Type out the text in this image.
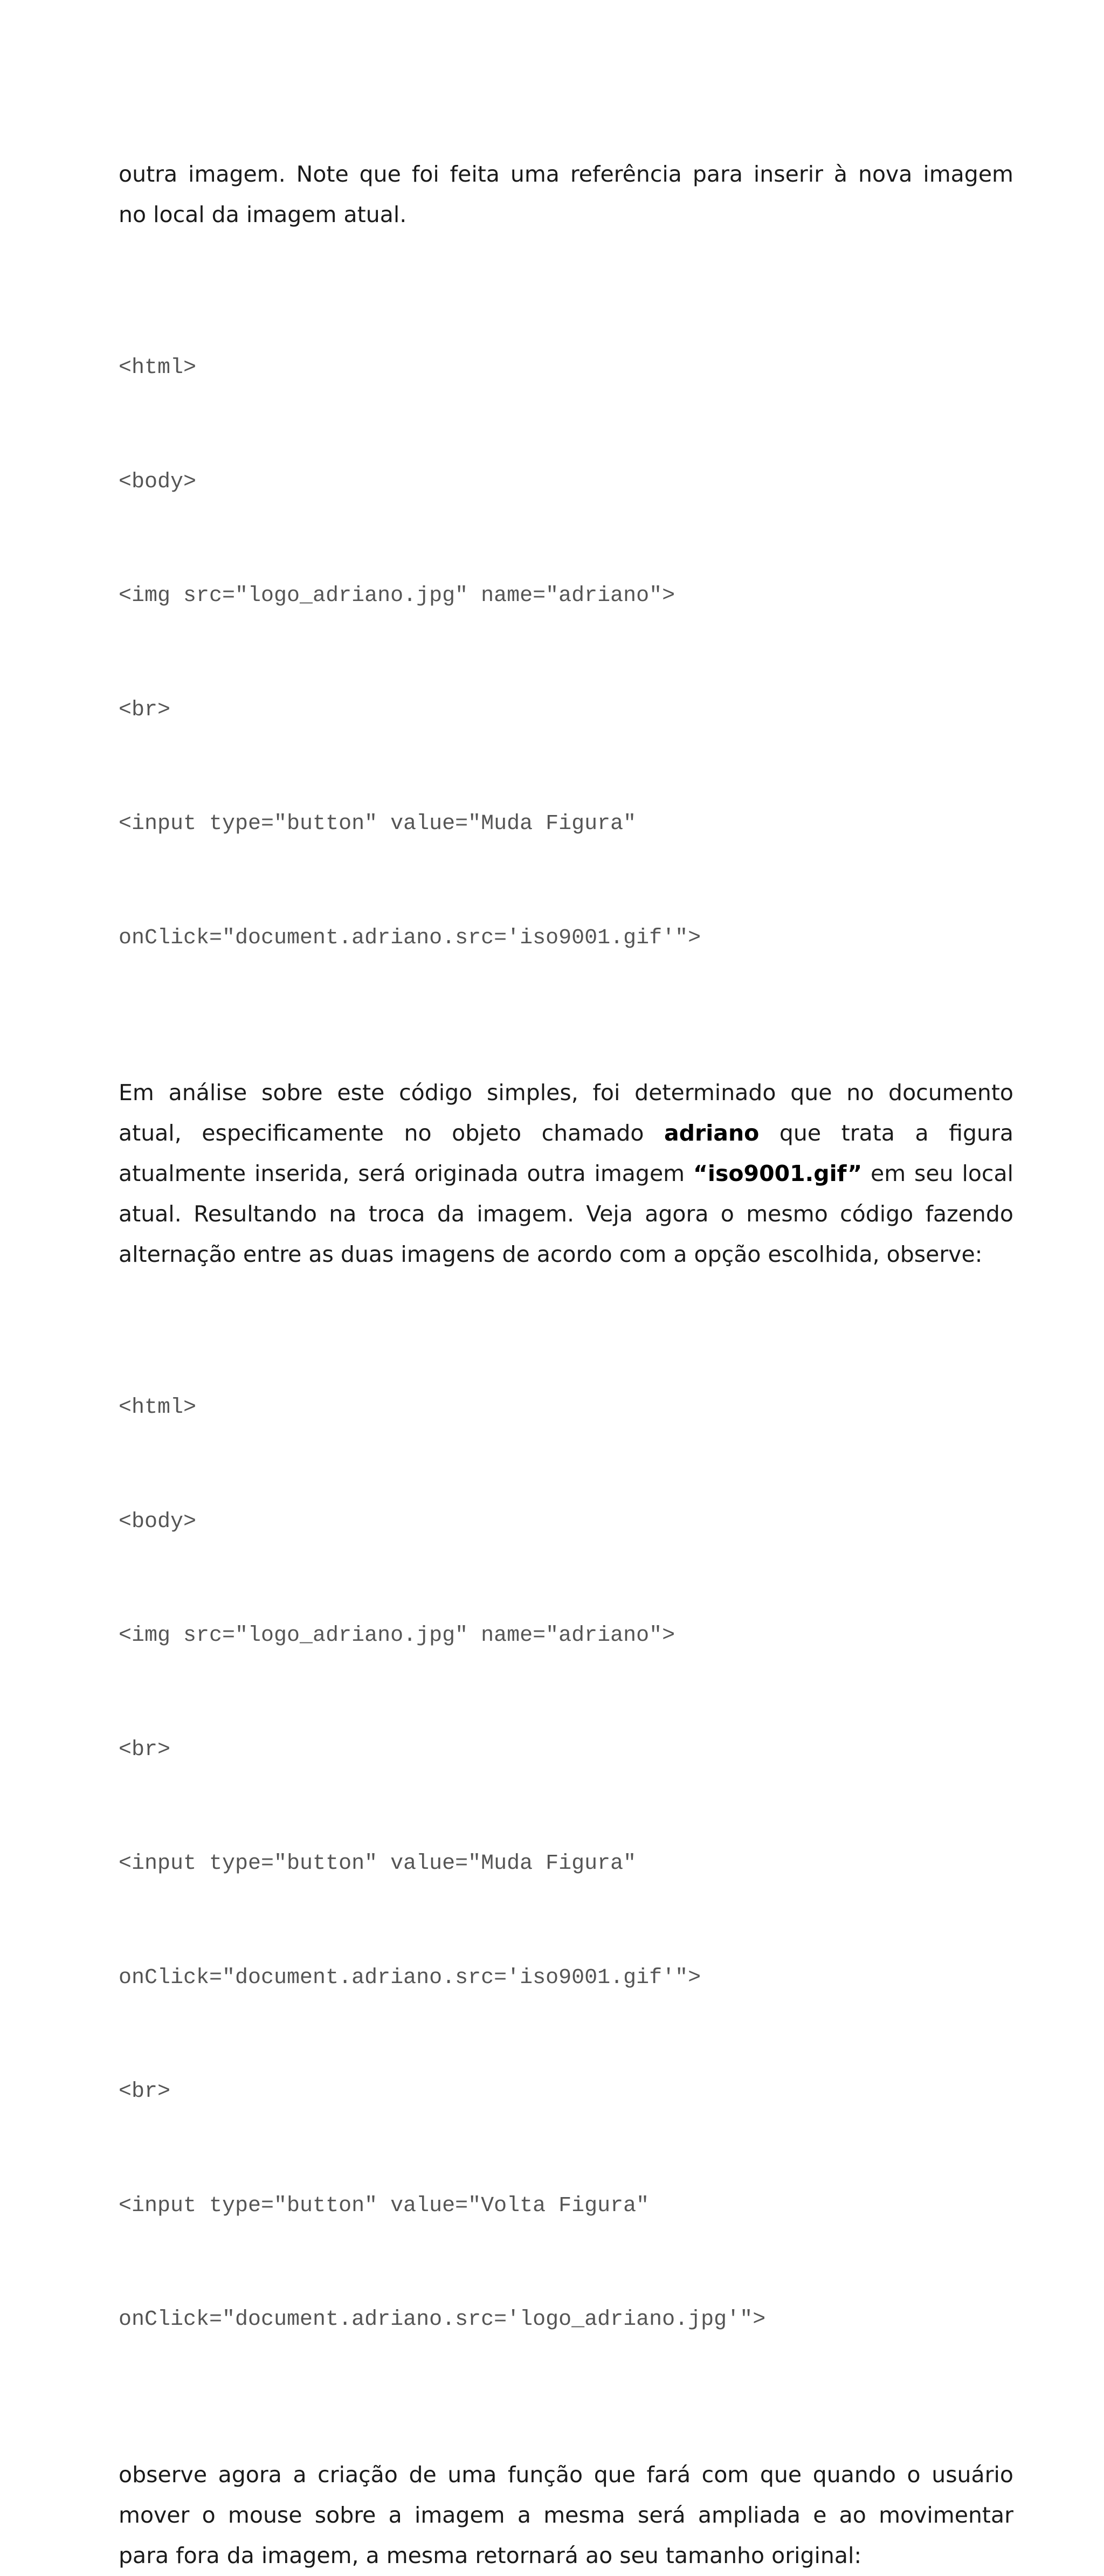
outra imagem. Note que foi feita uma referência para inserir à nova imagem
no local da imagem atual.

<html>

<body>

<img src="logo_adriano.jpg" name="adriano">

<br>

<input type="button" value="Muda Figura"

onClick="document.adriano.src='iso9001.gif'">

Em análise sobre este código simples, foi determinado que no documento
atual, especificamente no objeto chamado adriano que trata a figura
atualmente inserida, será originada outra imagem “iso9001.gif” em seu local
atual. Resultando na troca da imagem. Veja agora o mesmo código fazendo
alternação entre as duas imagens de acordo com a opção escolhida, observe:

<html>

<body>

<img src="logo_adriano.jpg" name="adriano">

<br>

<input type="button" value="Muda Figura"

onClick="document.adriano.src='iso9001.gif'">

<br>

<input type="button" value="Volta Figura"

onClick="document.adriano.src='logo_adriano.jpg'">

observe agora a criação de uma função que fará com que quando o usuário
mover o mouse sobre a imagem a mesma será ampliada e ao movimentar
para fora da imagem, a mesma retornará ao seu tamanho original:
